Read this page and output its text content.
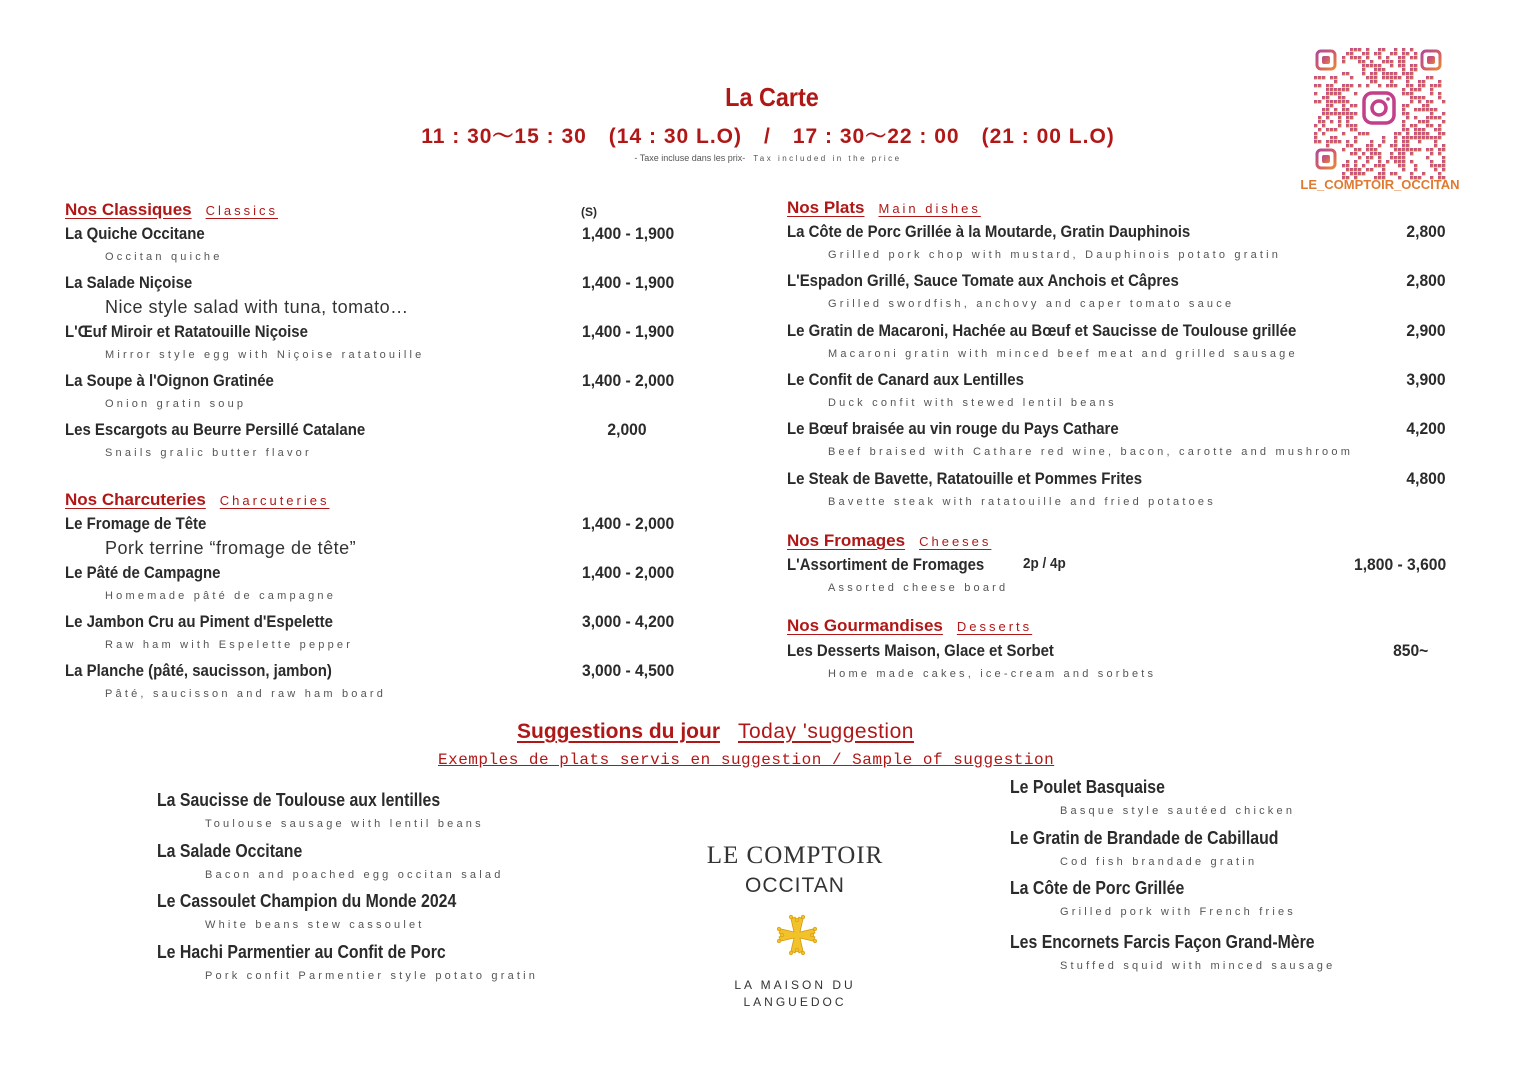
La Carte
11 : 30～15 : 30　(14 : 30 L.O)　/　17 : 30～22 : 00　(21 : 00 L.O)
- Taxe incluse dans les prix- Tax included in the price
LE_COMPTOIR_OCCITAN
Nos Classiques Classics	(S)
La Quiche Occitane
Occitan quiche
1,400 - 1,900
La Salade Niçoise
Nice style salad with tuna, tomato…
1,400 - 1,900
L'Œuf Miroir et Ratatouille Niçoise
Mirror style egg with Niçoise ratatouille
1,400 - 1,900
La Soupe à l'Oignon Gratinée
Onion gratin soup
1,400 - 2,000
Les Escargots au Beurre Persillé Catalane
Snails gralic butter flavor
2,000
Nos Charcuteries Charcuteries
Le Fromage de Tête
Pork terrine “fromage de tête”
1,400 - 2,000
Le Pâté de Campagne
Homemade pâté de campagne
1,400 - 2,000
Le Jambon Cru au Piment d'Espelette
Raw ham with Espelette pepper
3,000 - 4,200
La Planche (pâté, saucisson, jambon)
Pâté, saucisson and raw ham board
3,000 - 4,500
Nos Plats Main dishes
La Côte de Porc Grillée à la Moutarde, Gratin Dauphinois
Grilled pork chop with mustard, Dauphinois potato gratin
2,800
L'Espadon Grillé, Sauce Tomate aux Anchois et Câpres
Grilled swordfish, anchovy and caper tomato sauce
2,800
Le Gratin de Macaroni, Hachée au Bœuf et Saucisse de Toulouse grillée
Macaroni gratin with minced beef meat and grilled sausage
2,900
Le Confit de Canard aux Lentilles
Duck confit with stewed lentil beans
3,900
Le Bœuf braisée au vin rouge du Pays Cathare
Beef braised with Cathare red wine, bacon, carotte and mushroom
4,200
Le Steak de Bavette, Ratatouille et Pommes Frites
Bavette steak with ratatouille and fried potatoes
4,800
Nos Fromages Cheeses
L'Assortiment de Fromages	2p / 4p
Assorted cheese board
1,800 - 3,600
Nos Gourmandises Desserts
Les Desserts Maison, Glace et Sorbet
Home made cakes, ice-cream and sorbets
850~
Suggestions du jour Today 'suggestion
Exemples de plats servis en suggestion / Sample of suggestion
La Saucisse de Toulouse aux lentilles
Toulouse sausage with lentil beans
La Salade Occitane
Bacon and poached egg occitan salad
Le Cassoulet Champion du Monde 2024
White beans stew cassoulet
Le Hachi Parmentier au Confit de Porc
Pork confit Parmentier style potato gratin
Le Poulet Basquaise
Basque style sautéed chicken
Le Gratin de Brandade de Cabillaud
Cod fish brandade gratin
La Côte de Porc Grillée
Grilled pork with French fries
Les Encornets Farcis Façon Grand-Mère
Stuffed squid with minced sausage
LE COMPTOIR
OCCITAN
LA MAISON DU
LANGUEDOC
